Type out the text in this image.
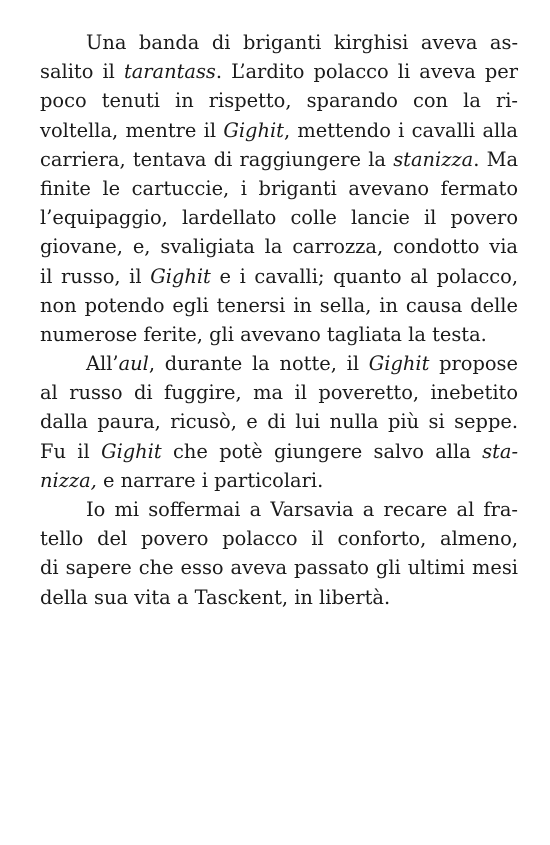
Una banda di briganti kirghisi aveva as-
salito il tarantass. L’ardito polacco li aveva per
poco tenuti in rispetto, sparando con la ri-
voltella, mentre il Gighit, mettendo i cavalli alla
carriera, tentava di raggiungere la stanizza. Ma
finite le cartuccie, i briganti avevano fermato
l’equipaggio, lardellato colle lancie il povero
giovane, e, svaligiata la carrozza, condotto via
il russo, il Gighit e i cavalli; quanto al polacco,
non potendo egli tenersi in sella, in causa delle
numerose ferite, gli avevano tagliata la testa.
All’aul, durante la notte, il Gighit propose
al russo di fuggire, ma il poveretto, inebetito
dalla paura, ricusò, e di lui nulla più si seppe.
Fu il Gighit che potè giungere salvo alla sta-
nizza, e narrare i particolari.
Io mi soffermai a Varsavia a recare al fra-
tello del povero polacco il conforto, almeno,
di sapere che esso aveva passato gli ultimi mesi
della sua vita a Tasckent, in libertà.
